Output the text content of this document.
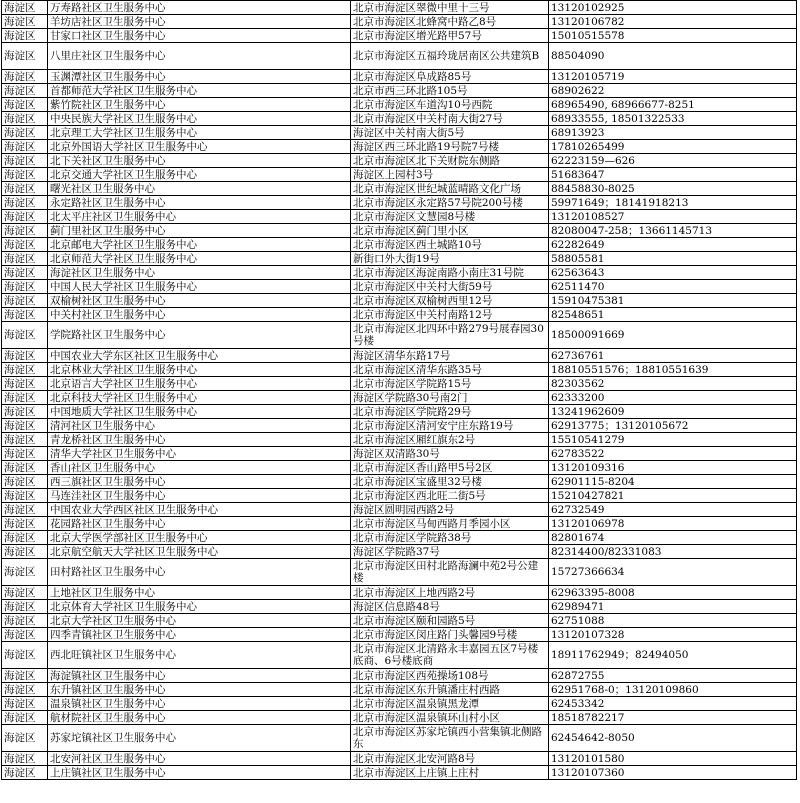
海淀区	万寿路社区卫生服务中心	北京市海淀区翠微中里十三号	13120102925
海淀区	羊坊店社区卫生服务中心	北京市海淀区北蜂窝中路乙8号	13120106782
海淀区	甘家口社区卫生服务中心	北京市海淀区增光路甲57号	15010515578
海淀区	八里庄社区卫生服务中心	北京市海淀区五福玲珑居南区公共建筑B	88504090
海淀区	玉渊潭社区卫生服务中心	北京市海淀区阜成路85号	13120105719
海淀区	首都师范大学社区卫生服务中心	北京市西三环北路105号	68902622
海淀区	紫竹院社区卫生服务中心	北京市海淀区车道沟10号西院	68965490, 68966677-8251
海淀区	中央民族大学社区卫生服务中心	北京市海淀区中关村南大街27号	68933555, 18501322533
海淀区	北京理工大学社区卫生服务中心	海淀区中关村南大街5号	68913923
海淀区	北京外国语大学社区卫生服务中心	海淀区西三环北路19号院7号楼	17810265499
海淀区	北下关社区卫生服务中心	北京市海淀区北下关财院东侧路	62223159—626
海淀区	北京交通大学社区卫生服务中心	海淀区上园村3号	51683647
海淀区	曙光社区卫生服务中心	北京市海淀区世纪城蓝晴路文化广场	88458830-8025
海淀区	永定路社区卫生服务中心	北京市海淀区永定路57号院200号楼	59971649；18141918213
海淀区	北太平庄社区卫生服务中心	北京市海淀区文慧园8号楼	13120108527
海淀区	蓟门里社区卫生服务中心	北京市海淀区蓟门里小区	82080047-258；13661145713
海淀区	北京邮电大学社区卫生服务中心	北京市海淀区西土城路10号	62282649
海淀区	北京师范大学社区卫生服务中心	新街口外大街19号	58805581
海淀区	海淀社区卫生服务中心	北京市海淀区海淀南路小南庄31号院	62563643
海淀区	中国人民大学社区卫生服务中心	北京市海淀区中关村大街59号	62511470
海淀区	双榆树社区卫生服务中心	北京市海淀区双榆树西里12号	15910475381
海淀区	中关村社区卫生服务中心	北京市海淀区中关村南路12号	82548651
海淀区	学院路社区卫生服务中心	北京市海淀区北四环中路279号展春园30号楼	18500091669
海淀区	中国农业大学东区社区卫生服务中心	海淀区清华东路17号	62736761
海淀区	北京林业大学社区卫生服务中心	北京市海淀区清华东路35号	18810551576；18810551639
海淀区	北京语言大学社区卫生服务中心	北京市海淀区学院路15号	82303562
海淀区	北京科技大学社区卫生服务中心	海淀区学院路30号南2门	62333200
海淀区	中国地质大学社区卫生服务中心	北京市海淀区学院路29号	13241962609
海淀区	清河社区卫生服务中心	北京市海淀区清河安宁庄东路19号	62913775；13120105672
海淀区	青龙桥社区卫生服务中心	北京市海淀区厢红旗东2号	15510541279
海淀区	清华大学社区卫生服务中心	海淀区双清路30号	62783522
海淀区	香山社区卫生服务中心	北京市海淀区香山路甲5号2区	13120109316
海淀区	西三旗社区卫生服务中心	北京市海淀区宝盛里32号楼	62901115-8204
海淀区	马连洼社区卫生服务中心	北京市海淀区西北旺二街5号	15210427821
海淀区	中国农业大学西区社区卫生服务中心	海淀区圆明园西路2号	62732549
海淀区	花园路社区卫生服务中心	北京市海淀区马甸西路月季园小区	13120106978
海淀区	北京大学医学部社区卫生服务中心	北京市海淀区学院路38号	82801674
海淀区	北京航空航天大学社区卫生服务中心	海淀区学院路37号	82314400/82331083
海淀区	田村路社区卫生服务中心	北京市海淀区田村北路海澜中苑2号公建楼	15727366634
海淀区	上地社区卫生服务中心	北京市海淀区上地西路2号	62963395-8008
海淀区	北京体育大学社区卫生服务中心	海淀区信息路48号	62989471
海淀区	北京大学社区卫生服务中心	北京市海淀区颐和园路5号	62751088
海淀区	四季青镇社区卫生服务中心	北京市海淀区闵庄路门头馨园9号楼	13120107328
海淀区	西北旺镇社区卫生服务中心	北京市海淀区北清路永丰嘉园五区7号楼底商、6号楼底商	18911762949；82494050
海淀区	海淀镇社区卫生服务中心	北京市海淀区西苑操场108号	62872755
海淀区	东升镇社区卫生服务中心	北京市海淀区东升镇潘庄村西路	62951768-0；13120109860
海淀区	温泉镇社区卫生服务中心	北京市海淀区温泉镇黑龙潭	62453342
海淀区	航材院社区卫生服务中心	北京市海淀区温泉镇环山村小区	18518782217
海淀区	苏家坨镇社区卫生服务中心	北京市海淀区苏家坨镇西小营集镇北侧路东	62454642-8050
海淀区	北安河社区卫生服务中心	北京市海淀区北安河路8号	13120101580
海淀区	上庄镇社区卫生服务中心	北京市海淀区上庄镇上庄村	13120107360
